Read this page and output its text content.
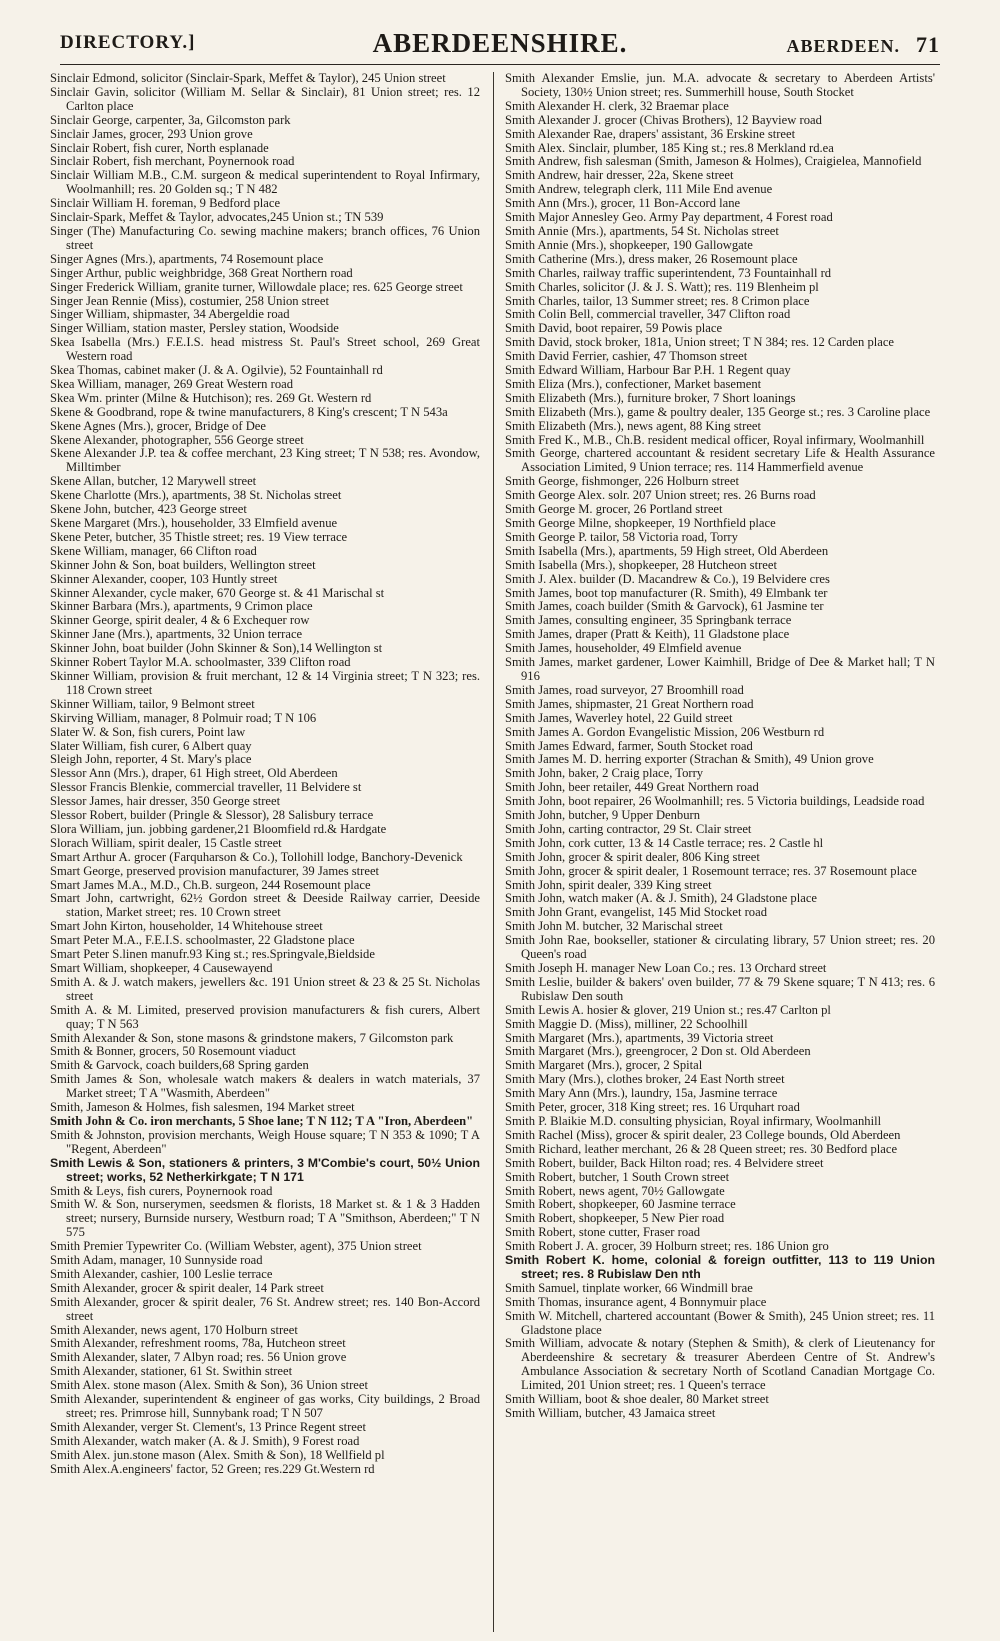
DIRECTORY.]	ABERDEENSHIRE.	ABERDEEN. 71
Sinclair Edmond, solicitor (Sinclair-Spark, Meffet & Taylor), 245 Union street
Sinclair Gavin, solicitor (William M. Sellar & Sinclair), 81 Union street; res. 12 Carlton place
Sinclair George, carpenter, 3a, Gilcomston park
Sinclair James, grocer, 293 Union grove
Sinclair Robert, fish curer, North esplanade
Sinclair Robert, fish merchant, Poynernook road
Sinclair William M.B., C.M. surgeon & medical superintendent to Royal Infirmary, Woolmanhill; res. 20 Golden sq.; T N 482
Sinclair William H. foreman, 9 Bedford place
Sinclair-Spark, Meffet & Taylor, advocates,245 Union st.; TN 539
Singer (The) Manufacturing Co. sewing machine makers; branch offices, 76 Union street
Singer Agnes (Mrs.), apartments, 74 Rosemount place
Singer Arthur, public weighbridge, 368 Great Northern road
Singer Frederick William, granite turner, Willowdale place; res. 625 George street
Singer Jean Rennie (Miss), costumier, 258 Union street
Singer William, shipmaster, 34 Abergeldie road
Singer William, station master, Persley station, Woodside
Skea Isabella (Mrs.) F.E.I.S. head mistress St. Paul's Street school, 269 Great Western road
Skea Thomas, cabinet maker (J. & A. Ogilvie), 52 Fountainhall rd
Skea William, manager, 269 Great Western road
Skea Wm. printer (Milne & Hutchison); res. 269 Gt. Western rd
Skene & Goodbrand, rope & twine manufacturers, 8 King's crescent; T N 543a
Skene Agnes (Mrs.), grocer, Bridge of Dee
Skene Alexander, photographer, 556 George street
Skene Alexander J.P. tea & coffee merchant, 23 King street; T N 538; res. Avondow, Milltimber
Skene Allan, butcher, 12 Marywell street
Skene Charlotte (Mrs.), apartments, 38 St. Nicholas street
Skene John, butcher, 423 George street
Skene Margaret (Mrs.), householder, 33 Elmfield avenue
Skene Peter, butcher, 35 Thistle street; res. 19 View terrace
Skene William, manager, 66 Clifton road
Skinner John & Son, boat builders, Wellington street
Skinner Alexander, cooper, 103 Huntly street
Skinner Alexander, cycle maker, 670 George st. & 41 Marischal st
Skinner Barbara (Mrs.), apartments, 9 Crimon place
Skinner George, spirit dealer, 4 & 6 Exchequer row
Skinner Jane (Mrs.), apartments, 32 Union terrace
Skinner John, boat builder (John Skinner & Son),14 Wellington st
Skinner Robert Taylor M.A. schoolmaster, 339 Clifton road
Skinner William, provision & fruit merchant, 12 & 14 Virginia street; T N 323; res. 118 Crown street
Skinner William, tailor, 9 Belmont street
Skirving William, manager, 8 Polmuir road; T N 106
Slater W. & Son, fish curers, Point law
Slater William, fish curer, 6 Albert quay
Sleigh John, reporter, 4 St. Mary's place
Slessor Ann (Mrs.), draper, 61 High street, Old Aberdeen
Slessor Francis Blenkie, commercial traveller, 11 Belvidere st
Slessor James, hair dresser, 350 George street
Slessor Robert, builder (Pringle & Slessor), 28 Salisbury terrace
Slora William, jun. jobbing gardener,21 Bloomfield rd.& Hardgate
Slorach William, spirit dealer, 15 Castle street
Smart Arthur A. grocer (Farquharson & Co.), Tollohill lodge, Banchory-Devenick
Smart George, preserved provision manufacturer, 39 James street
Smart James M.A., M.D., Ch.B. surgeon, 244 Rosemount place
Smart John, cartwright, 62½ Gordon street & Deeside Railway carrier, Deeside station, Market street; res. 10 Crown street
Smart John Kirton, householder, 14 Whitehouse street
Smart Peter M.A., F.E.I.S. schoolmaster, 22 Gladstone place
Smart Peter S.linen manufr.93 King st.; res.Springvale,Bieldside
Smart William, shopkeeper, 4 Causewayend
Smith A. & J. watch makers, jewellers &c. 191 Union street & 23 & 25 St. Nicholas street
Smith A. & M. Limited, preserved provision manufacturers & fish curers, Albert quay; T N 563
Smith Alexander & Son, stone masons & grindstone makers, 7 Gilcomston park
Smith & Bonner, grocers, 50 Rosemount viaduct
Smith & Garvock, coach builders,68 Spring garden
Smith James & Son, wholesale watch makers & dealers in watch materials, 37 Market street; T A "Wasmith, Aberdeen"
Smith, Jameson & Holmes, fish salesmen, 194 Market street
Smith John & Co. iron merchants, 5 Shoe lane; T N 112; T A "Iron, Aberdeen"
Smith & Johnston, provision merchants, Weigh House square; T N 353 & 1090; T A "Regent, Aberdeen"
Smith Lewis & Son, stationers & printers, 3 M'Combie's court, 50½ Union street; works, 52 Netherkirkgate; T N 171
Smith & Leys, fish curers, Poynernook road
Smith W. & Son, nurserymen, seedsmen & florists, 18 Market st. & 1 & 3 Hadden street; nursery, Burnside nursery, Westburn road; T A "Smithson, Aberdeen;" T N 575
Smith Premier Typewriter Co. (William Webster, agent), 375 Union street
Smith Adam, manager, 10 Sunnyside road
Smith Alexander, cashier, 100 Leslie terrace
Smith Alexander, grocer & spirit dealer, 14 Park street
Smith Alexander, grocer & spirit dealer, 76 St. Andrew street; res. 140 Bon-Accord street
Smith Alexander, news agent, 170 Holburn street
Smith Alexander, refreshment rooms, 78a, Hutcheon street
Smith Alexander, slater, 7 Albyn road; res. 56 Union grove
Smith Alexander, stationer, 61 St. Swithin street
Smith Alex. stone mason (Alex. Smith & Son), 36 Union street
Smith Alexander, superintendent & engineer of gas works, City buildings, 2 Broad street; res. Primrose hill, Sunnybank road; T N 507
Smith Alexander, verger St. Clement's, 13 Prince Regent street
Smith Alexander, watch maker (A. & J. Smith), 9 Forest road
Smith Alex. jun.stone mason (Alex. Smith & Son), 18 Wellfield pl
Smith Alex.A.engineers' factor, 52 Green; res.229 Gt.Western rd
Smith Alexander Emslie, jun. M.A. advocate & secretary to Aberdeen Artists' Society, 130½ Union street; res. Summerhill house, South Stocket
Smith Alexander H. clerk, 32 Braemar place
Smith Alexander J. grocer (Chivas Brothers), 12 Bayview road
Smith Alexander Rae, drapers' assistant, 36 Erskine street
Smith Alex. Sinclair, plumber, 185 King st.; res.8 Merkland rd.ea
Smith Andrew, fish salesman (Smith, Jameson & Holmes), Craigielea, Mannofield
Smith Andrew, hair dresser, 22a, Skene street
Smith Andrew, telegraph clerk, 111 Mile End avenue
Smith Ann (Mrs.), grocer, 11 Bon-Accord lane
Smith Major Annesley Geo. Army Pay department, 4 Forest road
Smith Annie (Mrs.), apartments, 54 St. Nicholas street
Smith Annie (Mrs.), shopkeeper, 190 Gallowgate
Smith Catherine (Mrs.), dress maker, 26 Rosemount place
Smith Charles, railway traffic superintendent, 73 Fountainhall rd
Smith Charles, solicitor (J. & J. S. Watt); res. 119 Blenheim pl
Smith Charles, tailor, 13 Summer street; res. 8 Crimon place
Smith Colin Bell, commercial traveller, 347 Clifton road
Smith David, boot repairer, 59 Powis place
Smith David, stock broker, 181a, Union street; T N 384; res. 12 Carden place
Smith David Ferrier, cashier, 47 Thomson street
Smith Edward William, Harbour Bar P.H. 1 Regent quay
Smith Eliza (Mrs.), confectioner, Market basement
Smith Elizabeth (Mrs.), furniture broker, 7 Short loanings
Smith Elizabeth (Mrs.), game & poultry dealer, 135 George st.; res. 3 Caroline place
Smith Elizabeth (Mrs.), news agent, 88 King street
Smith Fred K., M.B., Ch.B. resident medical officer, Royal infirmary, Woolmanhill
Smith George, chartered accountant & resident secretary Life & Health Assurance Association Limited, 9 Union terrace; res. 114 Hammerfield avenue
Smith George, fishmonger, 226 Holburn street
Smith George Alex. solr. 207 Union street; res. 26 Burns road
Smith George M. grocer, 26 Portland street
Smith George Milne, shopkeeper, 19 Northfield place
Smith George P. tailor, 58 Victoria road, Torry
Smith Isabella (Mrs.), apartments, 59 High street, Old Aberdeen
Smith Isabella (Mrs.), shopkeeper, 28 Hutcheon street
Smith J. Alex. builder (D. Macandrew & Co.), 19 Belvidere cres
Smith James, boot top manufacturer (R. Smith), 49 Elmbank ter
Smith James, coach builder (Smith & Garvock), 61 Jasmine ter
Smith James, consulting engineer, 35 Springbank terrace
Smith James, draper (Pratt & Keith), 11 Gladstone place
Smith James, householder, 49 Elmfield avenue
Smith James, market gardener, Lower Kaimhill, Bridge of Dee & Market hall; T N 916
Smith James, road surveyor, 27 Broomhill road
Smith James, shipmaster, 21 Great Northern road
Smith James, Waverley hotel, 22 Guild street
Smith James A. Gordon Evangelistic Mission, 206 Westburn rd
Smith James Edward, farmer, South Stocket road
Smith James M. D. herring exporter (Strachan & Smith), 49 Union grove
Smith John, baker, 2 Craig place, Torry
Smith John, beer retailer, 449 Great Northern road
Smith John, boot repairer, 26 Woolmanhill; res. 5 Victoria buildings, Leadside road
Smith John, butcher, 9 Upper Denburn
Smith John, carting contractor, 29 St. Clair street
Smith John, cork cutter, 13 & 14 Castle terrace; res. 2 Castle hl
Smith John, grocer & spirit dealer, 806 King street
Smith John, grocer & spirit dealer, 1 Rosemount terrace; res. 37 Rosemount place
Smith John, spirit dealer, 339 King street
Smith John, watch maker (A. & J. Smith), 24 Gladstone place
Smith John Grant, evangelist, 145 Mid Stocket road
Smith John M. butcher, 32 Marischal street
Smith John Rae, bookseller, stationer & circulating library, 57 Union street; res. 20 Queen's road
Smith Joseph H. manager New Loan Co.; res. 13 Orchard street
Smith Leslie, builder & bakers' oven builder, 77 & 79 Skene square; T N 413; res. 6 Rubislaw Den south
Smith Lewis A. hosier & glover, 219 Union st.; res.47 Carlton pl
Smith Maggie D. (Miss), milliner, 22 Schoolhill
Smith Margaret (Mrs.), apartments, 39 Victoria street
Smith Margaret (Mrs.), greengrocer, 2 Don st. Old Aberdeen
Smith Margaret (Mrs.), grocer, 2 Spital
Smith Mary (Mrs.), clothes broker, 24 East North street
Smith Mary Ann (Mrs.), laundry, 15a, Jasmine terrace
Smith Peter, grocer, 318 King street; res. 16 Urquhart road
Smith P. Blaikie M.D. consulting physician, Royal infirmary, Woolmanhill
Smith Rachel (Miss), grocer & spirit dealer, 23 College bounds, Old Aberdeen
Smith Richard, leather merchant, 26 & 28 Queen street; res. 30 Bedford place
Smith Robert, builder, Back Hilton road; res. 4 Belvidere street
Smith Robert, butcher, 1 South Crown street
Smith Robert, news agent, 70½ Gallowgate
Smith Robert, shopkeeper, 60 Jasmine terrace
Smith Robert, shopkeeper, 5 New Pier road
Smith Robert, stone cutter, Fraser road
Smith Robert J. A. grocer, 39 Holburn street; res. 186 Union gro
Smith Robert K. home, colonial & foreign outfitter, 113 to 119 Union street; res. 8 Rubislaw Den nth
Smith Samuel, tinplate worker, 66 Windmill brae
Smith Thomas, insurance agent, 4 Bonnymuir place
Smith W. Mitchell, chartered accountant (Bower & Smith), 245 Union street; res. 11 Gladstone place
Smith William, advocate & notary (Stephen & Smith), & clerk of Lieutenancy for Aberdeenshire & secretary & treasurer Aberdeen Centre of St. Andrew's Ambulance Association & secretary North of Scotland Canadian Mortgage Co. Limited, 201 Union street; res. 1 Queen's terrace
Smith William, boot & shoe dealer, 80 Market street
Smith William, butcher, 43 Jamaica street
